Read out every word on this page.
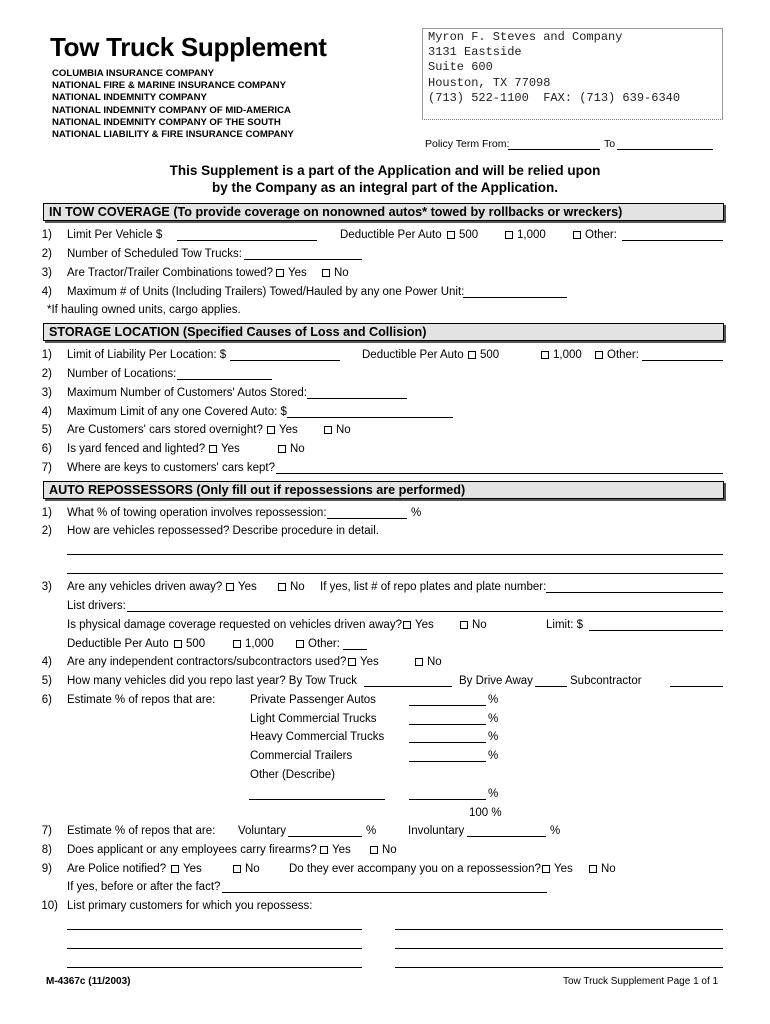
Tow Truck Supplement
COLUMBIA INSURANCE COMPANY
NATIONAL FIRE & MARINE INSURANCE COMPANY
NATIONAL INDEMNITY COMPANY
NATIONAL INDEMNITY COMPANY OF MID-AMERICA
NATIONAL INDEMNITY COMPANY OF THE SOUTH
NATIONAL LIABILITY & FIRE INSURANCE COMPANY
Myron F. Steves and Company
3131 Eastside
Suite 600
Houston, TX 77098
(713) 522-1100  FAX: (713) 639-6340
Policy Term From:	To
This Supplement is a part of the Application and will be relied upon
by the Company as an integral part of the Application.
IN TOW COVERAGE (To provide coverage on nonowned autos* towed by rollbacks or wreckers)
1) Limit Per Vehicle $	Deductible Per Auto	500	1,000	Other:
2) Number of Scheduled Tow Trucks:
3) Are Tractor/Trailer Combinations towed?	Yes	No
4) Maximum # of Units (Including Trailers) Towed/Hauled by any one Power Unit:
*If hauling owned units, cargo applies.
STORAGE LOCATION (Specified Causes of Loss and Collision)
1) Limit of Liability Per Location: $	Deductible Per Auto	500	1,000	Other:
2) Number of Locations:
3) Maximum Number of Customers' Autos Stored:
4) Maximum Limit of any one Covered Auto: $
5) Are Customers' cars stored overnight?	Yes	No
6) Is yard fenced and lighted?	Yes	No
7) Where are keys to customers' cars kept?
AUTO REPOSSESSORS (Only fill out if repossessions are performed)
1) What % of towing operation involves repossession:	%
2) How are vehicles repossessed? Describe procedure in detail.
3) Are any vehicles driven away?	Yes	No If yes, list # of repo plates and plate number:
List drivers:
Is physical damage coverage requested on vehicles driven away?	Yes	No	Limit: $
Deductible Per Auto	500	1,000	Other:
4) Are any independent contractors/subcontractors used?	Yes	No
5) How many vehicles did you repo last year? By Tow Truck	By Drive Away	Subcontractor
6) Estimate % of repos that are:	Private Passenger Autos	%
Light Commercial Trucks	%
Heavy Commercial Trucks	%
Commercial Trailers	%
Other (Describe)
%
100 %
7) Estimate % of repos that are: Voluntary	%	Involuntary	%
8) Does applicant or any employees carry firearms?	Yes	No
9) Are Police notified?	Yes	No	Do they ever accompany you on a repossession?	Yes	No
If yes, before or after the fact?
10) List primary customers for which you repossess:
M-4367c (11/2003)	Tow Truck Supplement Page 1 of 1
